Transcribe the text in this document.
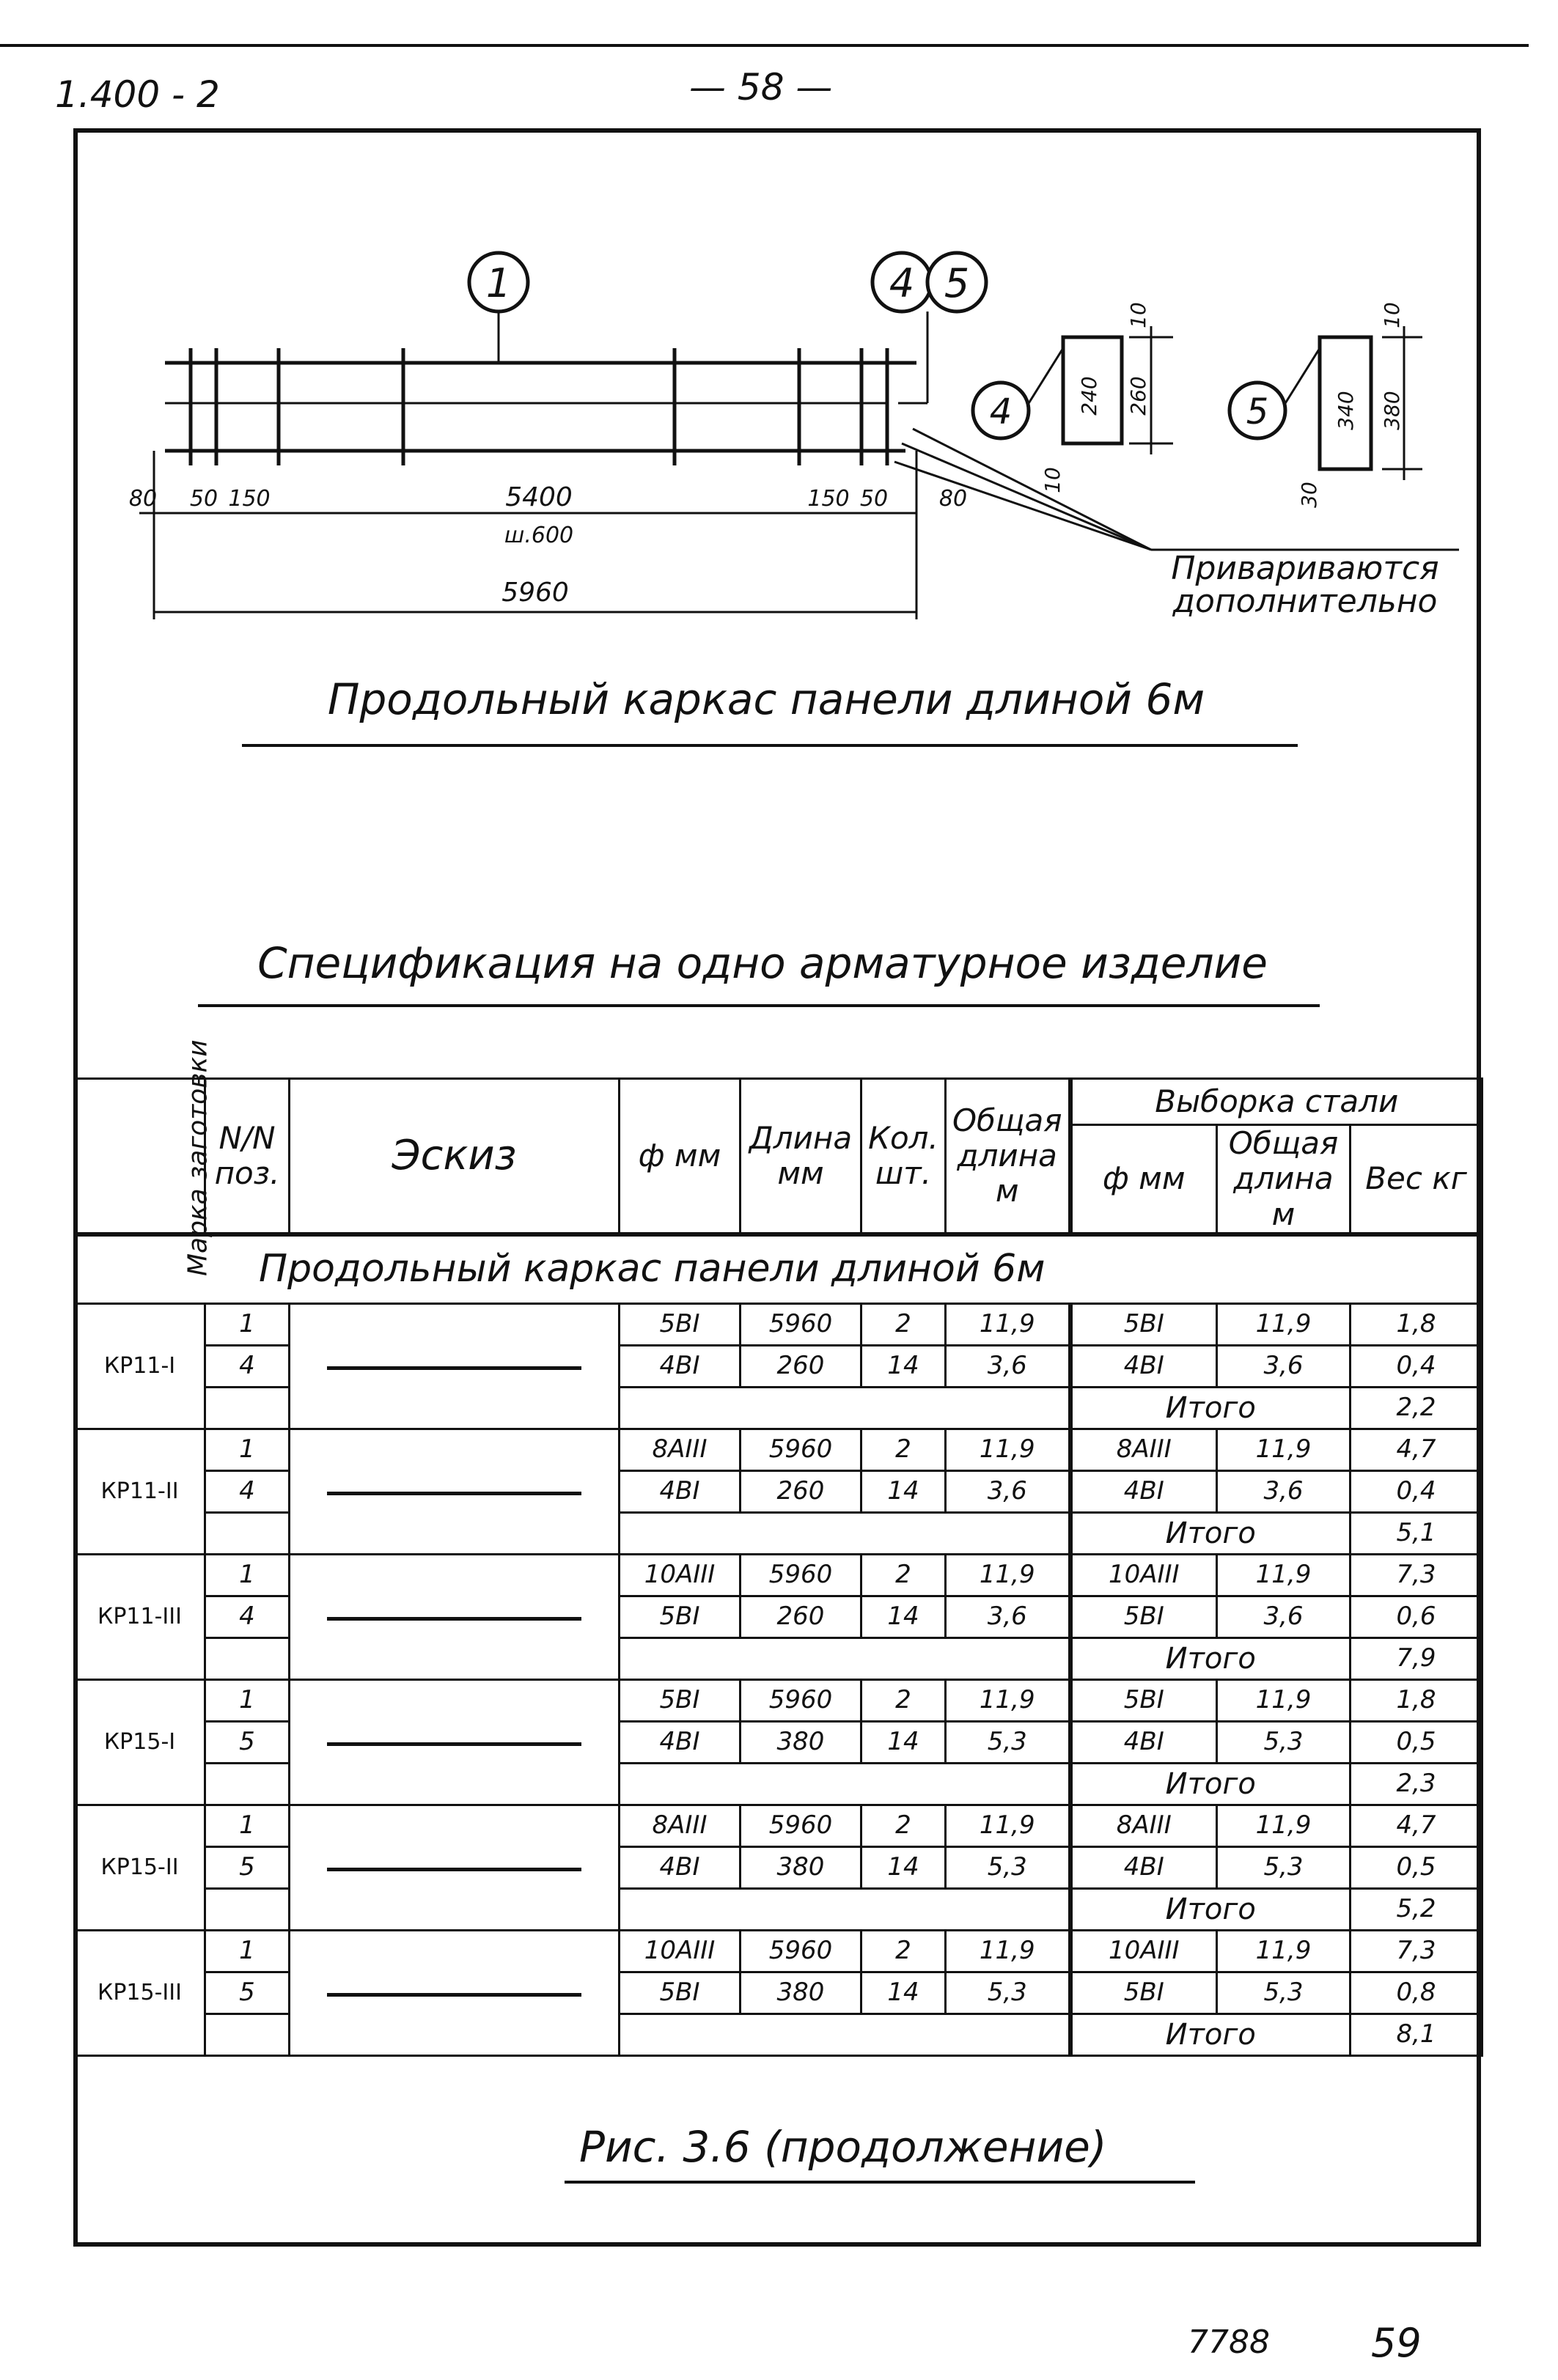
1.400 - 2	— 58 —
1	4 5
4	5
80 50 150	5400
ш.600
150 50 80
5960
240 260
10
10
340 380
10
30
Привариваются
дополнительно
Продольный каркас панели длиной 6м
Спецификация на одно арматурное изделие
Марка заготовки	N/N поз.	Эскиз	ф мм	Длина мм	Кол. шт.	Общая длина м	Выборка стали		
							ф мм	Общая длина м	Вес кг
Продольный каркас панели длиной 6м									
КР11-I	1		5BI	5960	2	11,9	5BI	11,9	1,8
	4		4BI	260	14	3,6	4BI	3,6	0,4
							Итого		2,2
КР11-II	1		8AIII	5960	2	11,9	8AIII	11,9	4,7
	4		4BI	260	14	3,6	4BI	3,6	0,4
							Итого		5,1
КР11-III	1		10AIII	5960	2	11,9	10AIII	11,9	7,3
	4		5BI	260	14	3,6	5BI	3,6	0,6
							Итого		7,9
КР15-I	1		5BI	5960	2	11,9	5BI	11,9	1,8
	5		4BI	380	14	5,3	4BI	5,3	0,5
							Итого		2,3
КР15-II	1		8AIII	5960	2	11,9	8AIII	11,9	4,7
	5		4BI	380	14	5,3	4BI	5,3	0,5
							Итого		5,2
КР15-III	1		10AIII	5960	2	11,9	10AIII	11,9	7,3
	5		5BI	380	14	5,3	5BI	5,3	0,8
							Итого		8,1
Рис. 3.6 (продолжение)
7788	59
